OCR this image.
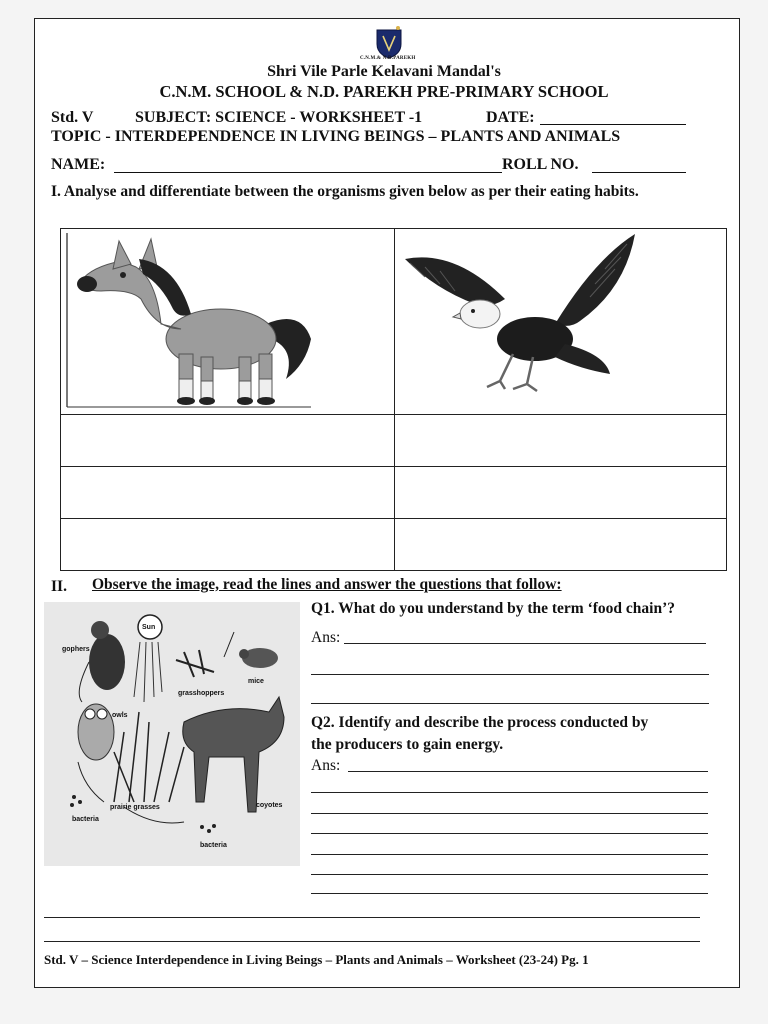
C.N.M.& N.D.PAREKH
Shri Vile Parle Kelavani Mandal's
C.N.M. SCHOOL & N.D. PAREKH PRE-PRIMARY SCHOOL
Std. V	SUBJECT: SCIENCE - WORKSHEET -1	DATE:
TOPIC - INTERDEPENDENCE IN LIVING BEINGS – PLANTS AND ANIMALS
NAME:	ROLL NO.
I. Analyse and differentiate between the organisms given below as per their eating habits.

II. Observe the image, read the lines and answer the questions that follow:
Sun
gophers
grasshoppers
mice
owls
prairie grasses	coyotes
bacteria
bacteria
Q1. What do you understand by the term ‘food chain’?
Ans:
Q2. Identify and describe the process conducted by
the producers to gain energy.
Ans:
Std. V – Science Interdependence in Living Beings – Plants and Animals – Worksheet (23-24) Pg. 1
